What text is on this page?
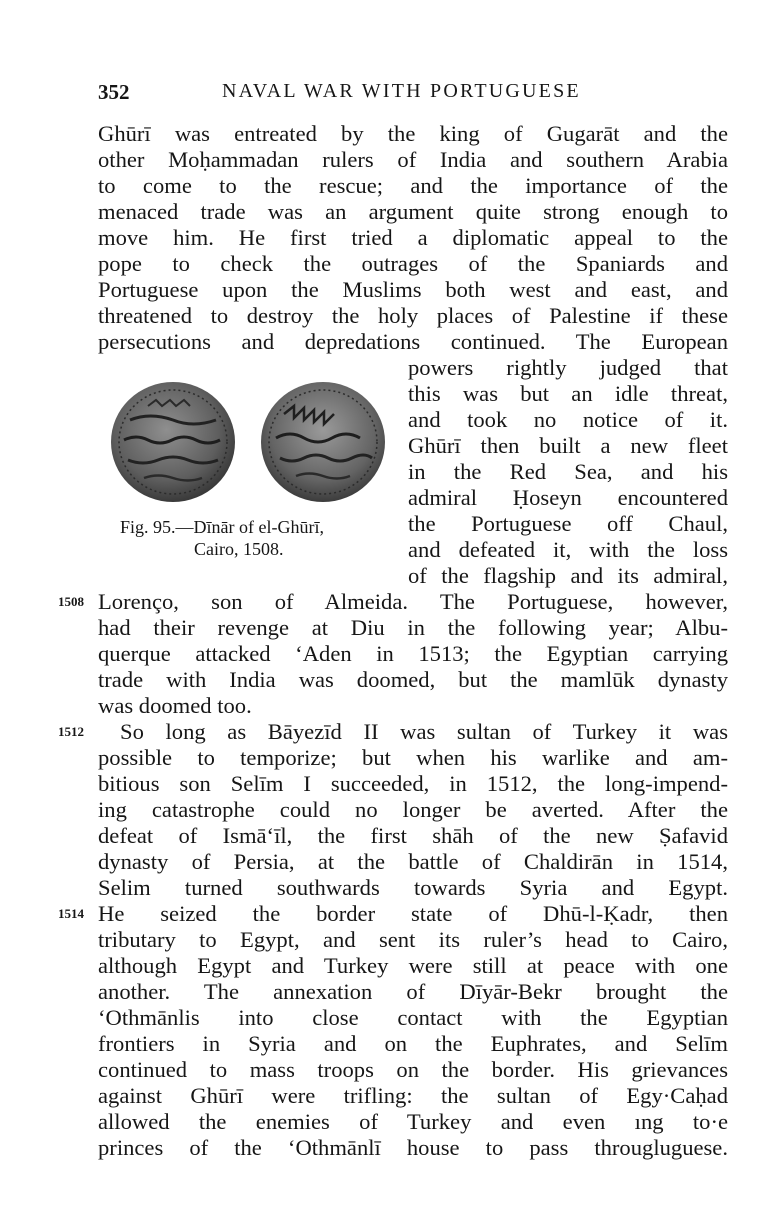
352	NAVAL WAR WITH PORTUGUESE
Ghūrī was entreated by the king of Gugarāt and the
other Moḥammadan rulers of India and southern Arabia
to come to the rescue; and the importance of the
menaced trade was an argument quite strong enough to
move him. He first tried a diplomatic appeal to the
pope to check the outrages of the Spaniards and
Portuguese upon the Muslims both west and east, and
threatened to destroy the holy places of Palestine if these
persecutions and depredations continued. The European
Fig. 95.—Dīnār of el-Ghūrī,
Cairo, 1508.
powers rightly judged that
this was but an idle threat,
and took no notice of it.
Ghūrī then built a new fleet
in the Red Sea, and his
admiral Ḥoseyn encountered
the Portuguese off Chaul,
and defeated it, with the loss
of the flagship and its admiral,
1508 Lorenço, son of Almeida. The Portuguese, however,
had their revenge at Diu in the following year; Albu-
querque attacked ‘Aden in 1513; the Egyptian carrying
trade with India was doomed, but the mamlūk dynasty
was doomed too.
1512 So long as Bāyezīd II was sultan of Turkey it was
possible to temporize; but when his warlike and am-
bitious son Selīm I succeeded, in 1512, the long-impend-
ing catastrophe could no longer be averted. After the
defeat of Ismā‘īl, the first shāh of the new Ṣafavid
dynasty of Persia, at the battle of Chaldirān in 1514,
Selim turned southwards towards Syria and Egypt.
1514 He seized the border state of Dhū-l-Ḳadr, then
tributary to Egypt, and sent its ruler’s head to Cairo,
although Egypt and Turkey were still at peace with one
another. The annexation of Dīyār-Bekr brought the
‘Othmānlis into close contact with the Egyptian
frontiers in Syria and on the Euphrates, and Selīm
continued to mass troops on the border. His grievances
against Ghūrī were trifling: the sultan of Egy·Caḥad
allowed the enemies of Turkey and even ıng to·e
princes of the ‘Othmānlī house to pass througluguese.
